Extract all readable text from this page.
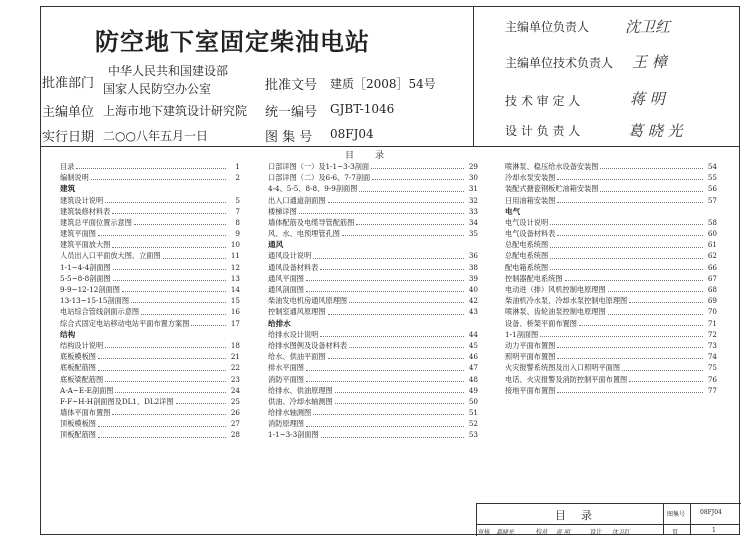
防空地下室固定柴油电站
批准部门
中华人民共和国建设部
国家人民防空办公室	批准文号 建质［2008］54号
主编单位 上海市地下建筑设计研究院 统一编号 GJBT-1046
实行日期 二○○八年五月一日	图 集 号 08FJ04
主编单位负责人 沈卫红
主编单位技术负责人 王 樟
技 术 审 定 人	蒋 明
设 计 负 责 人	葛 晓 光
目　　录
目录	1
编制说明	2
建筑
建筑设计说明	5
建筑装修材料表	7
建筑总平面位置示意图	8
建筑平面图	9
建筑平面放大图	10
人员出入口平面放大图、立面图	11
1-1~4-4剖面图	12
5-5~8-8剖面图	13
9-9~12-12剖面图	14
13-13~15-15剖面图	15
电站综合管线剖面示意图	16
综合式固定电站移动电站平面布置方案图	17
结构
结构设计说明	18
底板模板图	21
底板配筋图	22
底板梁配筋图	23
A-A~E-E剖面图	24
F-F~H-H剖面图及DL1、DL2详图	25
墙体平面布置图	26
顶板模板图	27
顶板配筋图	28
口部详图（一）及1-1~3-3剖面	29
口部详图（二）及6-6、7-7剖面	30
4-4、5-5、8-8、9-9剖面图	31
出入口通道剖面图	32
楼梯详图	33
墙体配筋及电缆导管配筋图	34
风、水、电预埋管孔图	35
通风
通风设计说明	36
通风设备材料表	38
通风平面图	39
通风剖面图	40
柴油发电机房通风原理图	42
控制室通风原理图	43
给排水
给排水设计说明	44
给排水图例及设备材料表	45
给水、供油平面图	46
排水平面图	47
消防平面图	48
给排水、供油原理图	49
供油、冷却水轴测图	50
给排水轴测图	51
消防原理图	52
1-1~3-3剖面图	53
喷淋泵、稳压给水设备安装图	54
冷却水泵安装图	55
装配式搪瓷钢板贮油箱安装图	56
日用油箱安装图	57
电气
电气设计说明	58
电气设备材料表	60
总配电系统图	61
总配电系统图	62
配电箱系统图	66
控制器配电系统图	67
电动进（排）风机控制电原理图	68
柴油机冷水泵、冷却水泵控制电原理图	69
喷淋泵、齿轮油泵控制电原理图	70
设备、桥架平面布置图	71
1-1剖面图	72
动力平面布置图	73
照明平面布置图	74
火灾报警系统图及出入口照明平面图	75
电话、火灾报警及消防控制平面布置图	76
接地平面布置图	77
目　录	图集号 08FJ04
审核 葛晓光	校对 蒋 明	设计 沈卫红	页	1
